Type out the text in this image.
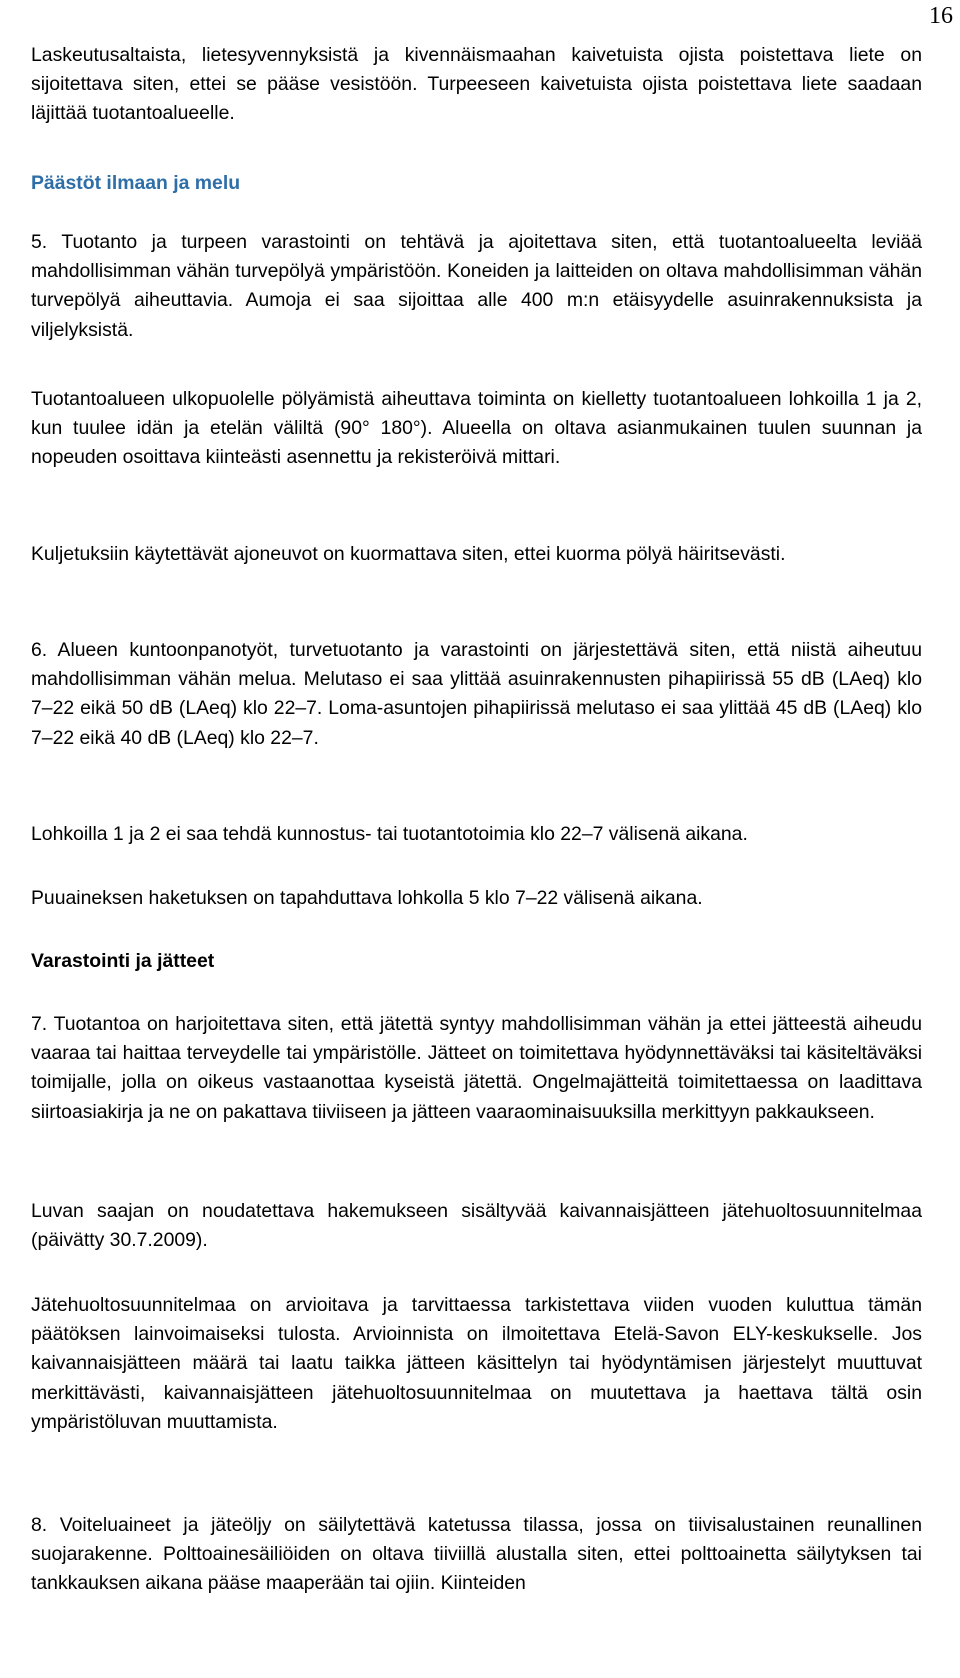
16

Laskeutusaltaista, lietesyvennyksistä ja kivennäismaahan kaivetuista ojista poistettava liete on sijoitettava siten, ettei se pääse vesistöön. Turpeeseen kaivetuista ojista poistettava liete saadaan läjittää tuotantoalueelle.

Päästöt ilmaan ja melu

5. Tuotanto ja turpeen varastointi on tehtävä ja ajoitettava siten, että tuotantoalueelta leviää mahdollisimman vähän turvepölyä ympäristöön. Koneiden ja laitteiden on oltava mahdollisimman vähän turvepölyä aiheuttavia. Aumoja ei saa sijoittaa alle 400 m:n etäisyydelle asuinrakennuksista ja viljelyksistä.

Tuotantoalueen ulkopuolelle pölyämistä aiheuttava toiminta on kielletty tuotantoalueen lohkoilla 1 ja 2, kun tuulee idän ja etelän väliltä (90° 180°). Alueella on oltava asianmukainen tuulen suunnan ja nopeuden osoittava kiinteästi asennettu ja rekisteröivä mittari.

Kuljetuksiin käytettävät ajoneuvot on kuormattava siten, ettei kuorma pölyä häiritsevästi.

6. Alueen kuntoonpanotyöt, turvetuotanto ja varastointi on järjestettävä siten, että niistä aiheutuu mahdollisimman vähän melua. Melutaso ei saa ylittää asuinrakennusten pihapiirissä 55 dB (LAeq) klo 7–22 eikä 50 dB (LAeq) klo 22–7. Loma-asuntojen pihapiirissä melutaso ei saa ylittää 45 dB (LAeq) klo 7–22 eikä 40 dB (LAeq) klo 22–7.

Lohkoilla 1 ja 2 ei saa tehdä kunnostus- tai tuotantotoimia klo 22–7 välisenä aikana.

Puuaineksen haketuksen on tapahduttava lohkolla 5 klo 7–22 välisenä aikana.

Varastointi ja jätteet

7. Tuotantoa on harjoitettava siten, että jätettä syntyy mahdollisimman vähän ja ettei jätteestä aiheudu vaaraa tai haittaa terveydelle tai ympäristölle. Jätteet on toimitettava hyödynnettäväksi tai käsiteltäväksi toimijalle, jolla on oikeus vastaanottaa kyseistä jätettä. Ongelmajätteitä toimitettaessa on laadittava siirtoasiakirja ja ne on pakattava tiiviiseen ja jätteen vaaraominaisuuksilla merkittyyn pakkaukseen.

Luvan saajan on noudatettava hakemukseen sisältyvää kaivannaisjätteen jätehuoltosuunnitelmaa (päivätty 30.7.2009).

Jätehuoltosuunnitelmaa on arvioitava ja tarvittaessa tarkistettava viiden vuoden kuluttua tämän päätöksen lainvoimaiseksi tulosta. Arvioinnista on ilmoitettava Etelä-Savon ELY-keskukselle. Jos kaivannaisjätteen määrä tai laatu taikka jätteen käsittelyn tai hyödyntämisen järjestelyt muuttuvat merkittävästi, kaivannaisjätteen jätehuoltosuunnitelmaa on muutettava ja haettava tältä osin ympäristöluvan muuttamista.

8. Voiteluaineet ja jäteöljy on säilytettävä katetussa tilassa, jossa on tiivisalustainen reunallinen suojarakenne. Polttoainesäiliöiden on oltava tiiviillä alustalla siten, ettei polttoainetta säilytyksen tai tankkauksen aikana pääse maaperään tai ojiin. Kiinteiden
